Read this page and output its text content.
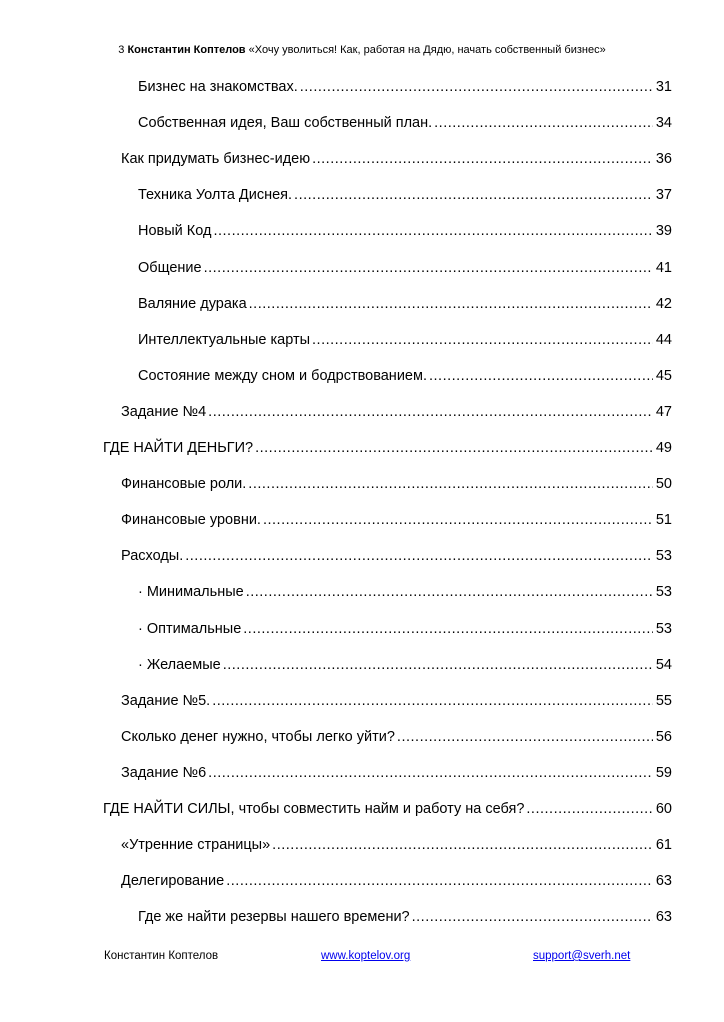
3 Константин Коптелов «Хочу уволиться! Как, работая на Дядю, начать собственный бизнес»
Бизнес на знакомствах. .....	31
Собственная идея, Ваш собственный план. .....	34
Как придумать бизнес-идею .....	36
Техника Уолта Диснея. .....	37
Новый Код .....	39
Общение .....	41
Валяние дурака .....	42
Интеллектуальные карты .....	44
Состояние между сном и бодрствованием. .....	45
Задание №4 .....	47
ГДЕ НАЙТИ ДЕНЬГИ? .....	49
Финансовые роли. .....	50
Финансовые уровни. .....	51
Расходы. .....	53
· Минимальные .....	53
· Оптимальные .....	53
· Желаемые .....	54
Задание №5. .....	55
Сколько денег нужно, чтобы легко уйти? .....	56
Задание №6 .....	59
ГДЕ НАЙТИ СИЛЫ, чтобы совместить найм и работу на себя? .....	60
«Утренние страницы» .....	61
Делегирование .....	63
Где же найти резервы нашего времени? .....	63
Константин Коптелов	www.koptelov.org	support@sverh.net
